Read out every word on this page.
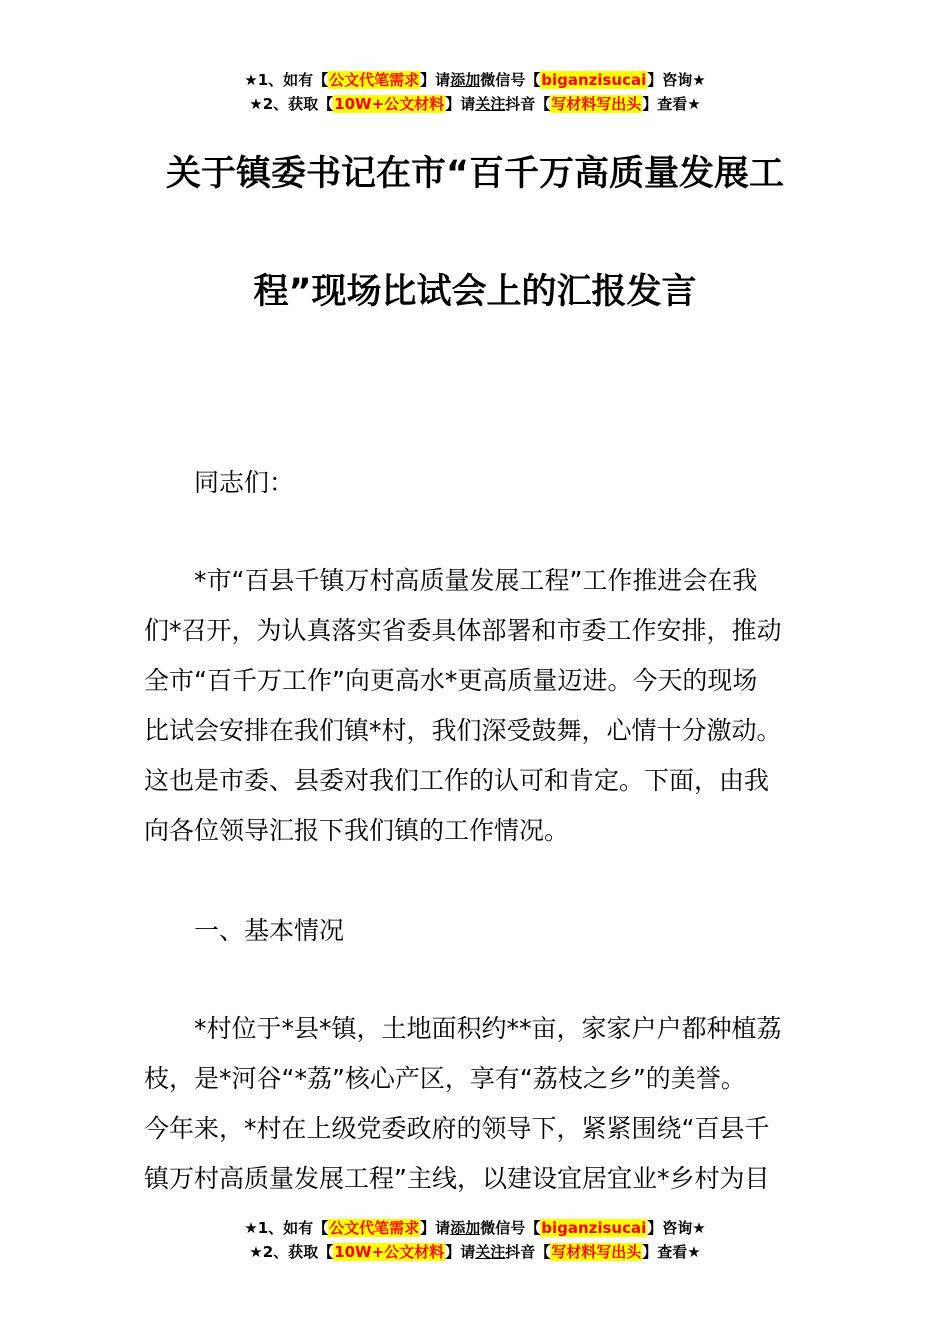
★1、如有【公文代笔需求】请添加微信号【biganzisucai】咨询★
★2、获取【10W+公文材料】请关注抖音【写材料写出头】查看★
关于镇委书记在市“百千万高质量发展工
程”现场比试会上的汇报发言
同志们：
*市“百县千镇万村高质量发展工程”工作推进会在我
们*召开，为认真落实省委具体部署和市委工作安排，推动
全市“百千万工作”向更高水*更高质量迈进。今天的现场
比试会安排在我们镇*村，我们深受鼓舞，心情十分激动。
这也是市委、县委对我们工作的认可和肯定。下面，由我
向各位领导汇报下我们镇的工作情况。
一、基本情况
*村位于*县*镇，土地面积约**亩，家家户户都种植荔
枝，是*河谷“*荔”核心产区，享有“荔枝之乡”的美誉。
今年来，*村在上级党委政府的领导下，紧紧围绕“百县千
镇万村高质量发展工程”主线，以建设宜居宜业*乡村为目
★1、如有【公文代笔需求】请添加微信号【biganzisucai】咨询★
★2、获取【10W+公文材料】请关注抖音【写材料写出头】查看★
